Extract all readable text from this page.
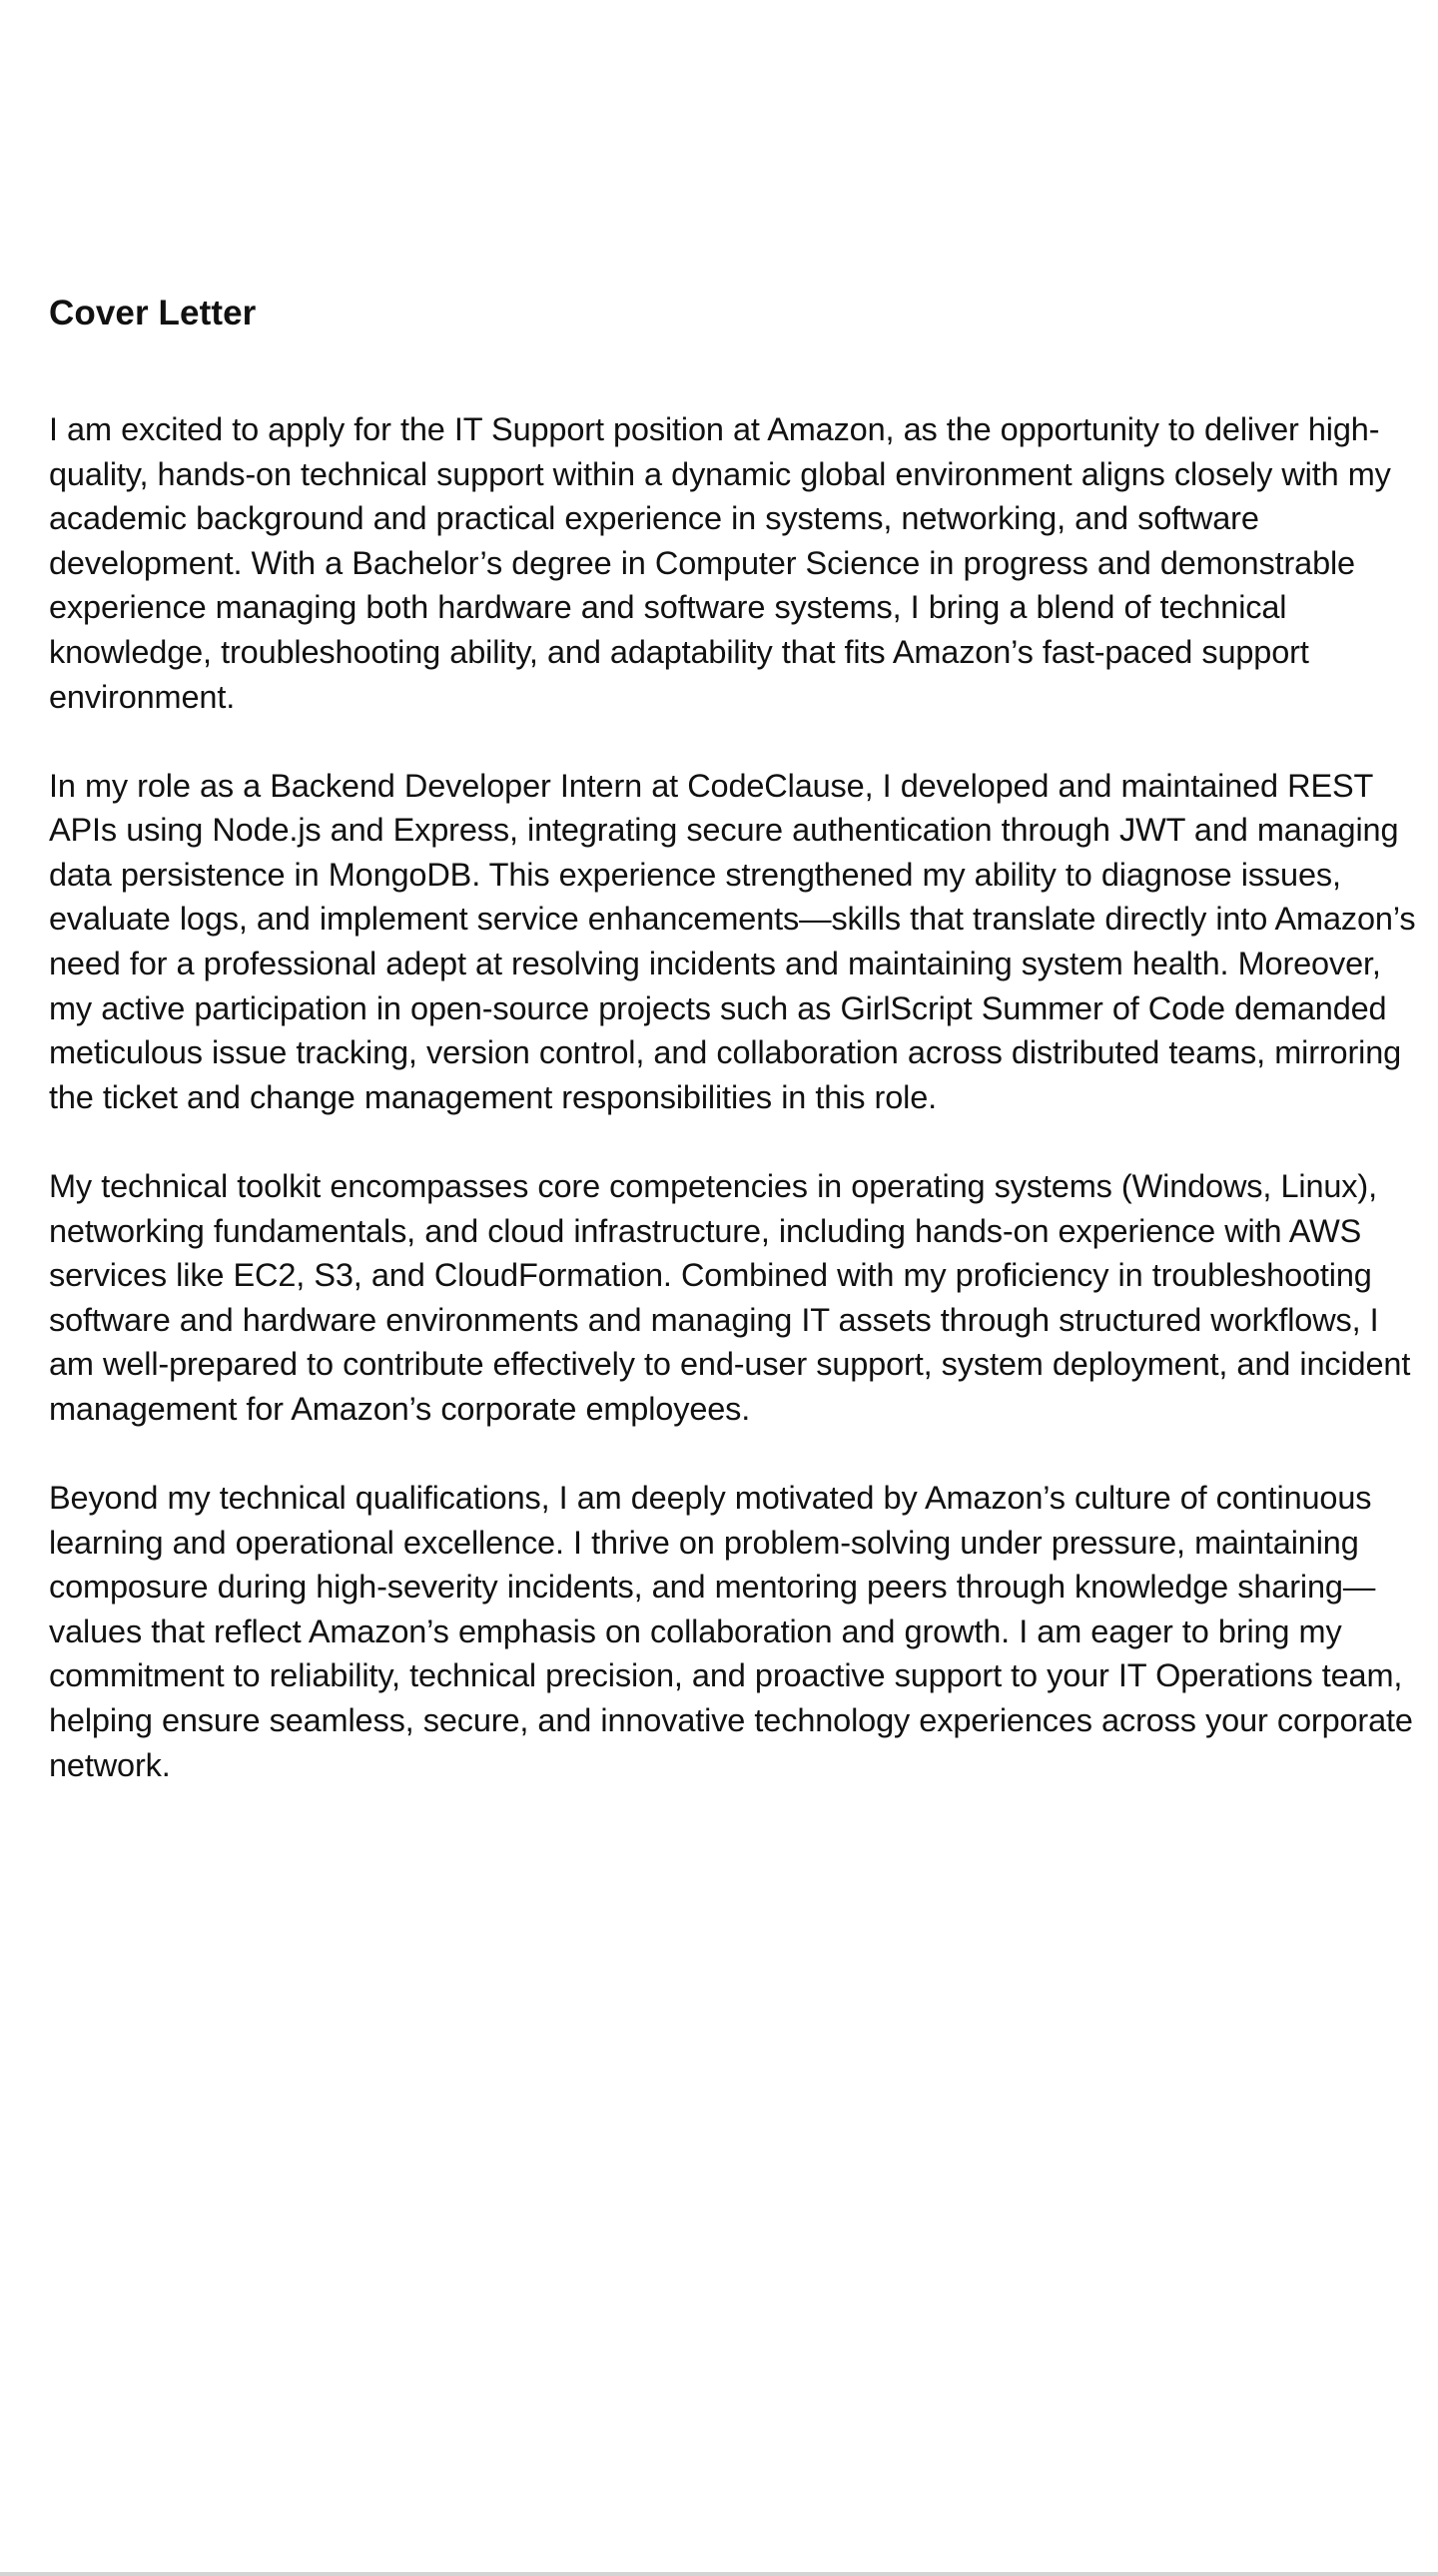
Cover Letter

I am excited to apply for the IT Support position at Amazon, as the opportunity to deliver high-quality, hands-on technical support within a dynamic global environment aligns closely with my academic background and practical experience in systems, networking, and software development. With a Bachelor’s degree in Computer Science in progress and demonstrable experience managing both hardware and software systems, I bring a blend of technical knowledge, troubleshooting ability, and adaptability that fits Amazon’s fast-paced support environment.

In my role as a Backend Developer Intern at CodeClause, I developed and maintained REST APIs using Node.js and Express, integrating secure authentication through JWT and managing data persistence in MongoDB. This experience strengthened my ability to diagnose issues, evaluate logs, and implement service enhancements—skills that translate directly into Amazon’s need for a professional adept at resolving incidents and maintaining system health. Moreover, my active participation in open-source projects such as GirlScript Summer of Code demanded meticulous issue tracking, version control, and collaboration across distributed teams, mirroring the ticket and change management responsibilities in this role.

My technical toolkit encompasses core competencies in operating systems (Windows, Linux), networking fundamentals, and cloud infrastructure, including hands-on experience with AWS services like EC2, S3, and CloudFormation. Combined with my proficiency in troubleshooting software and hardware environments and managing IT assets through structured workflows, I am well-prepared to contribute effectively to end-user support, system deployment, and incident management for Amazon’s corporate employees.

Beyond my technical qualifications, I am deeply motivated by Amazon’s culture of continuous learning and operational excellence. I thrive on problem-solving under pressure, maintaining composure during high-severity incidents, and mentoring peers through knowledge sharing—values that reflect Amazon’s emphasis on collaboration and growth. I am eager to bring my commitment to reliability, technical precision, and proactive support to your IT Operations team, helping ensure seamless, secure, and innovative technology experiences across your corporate network.
